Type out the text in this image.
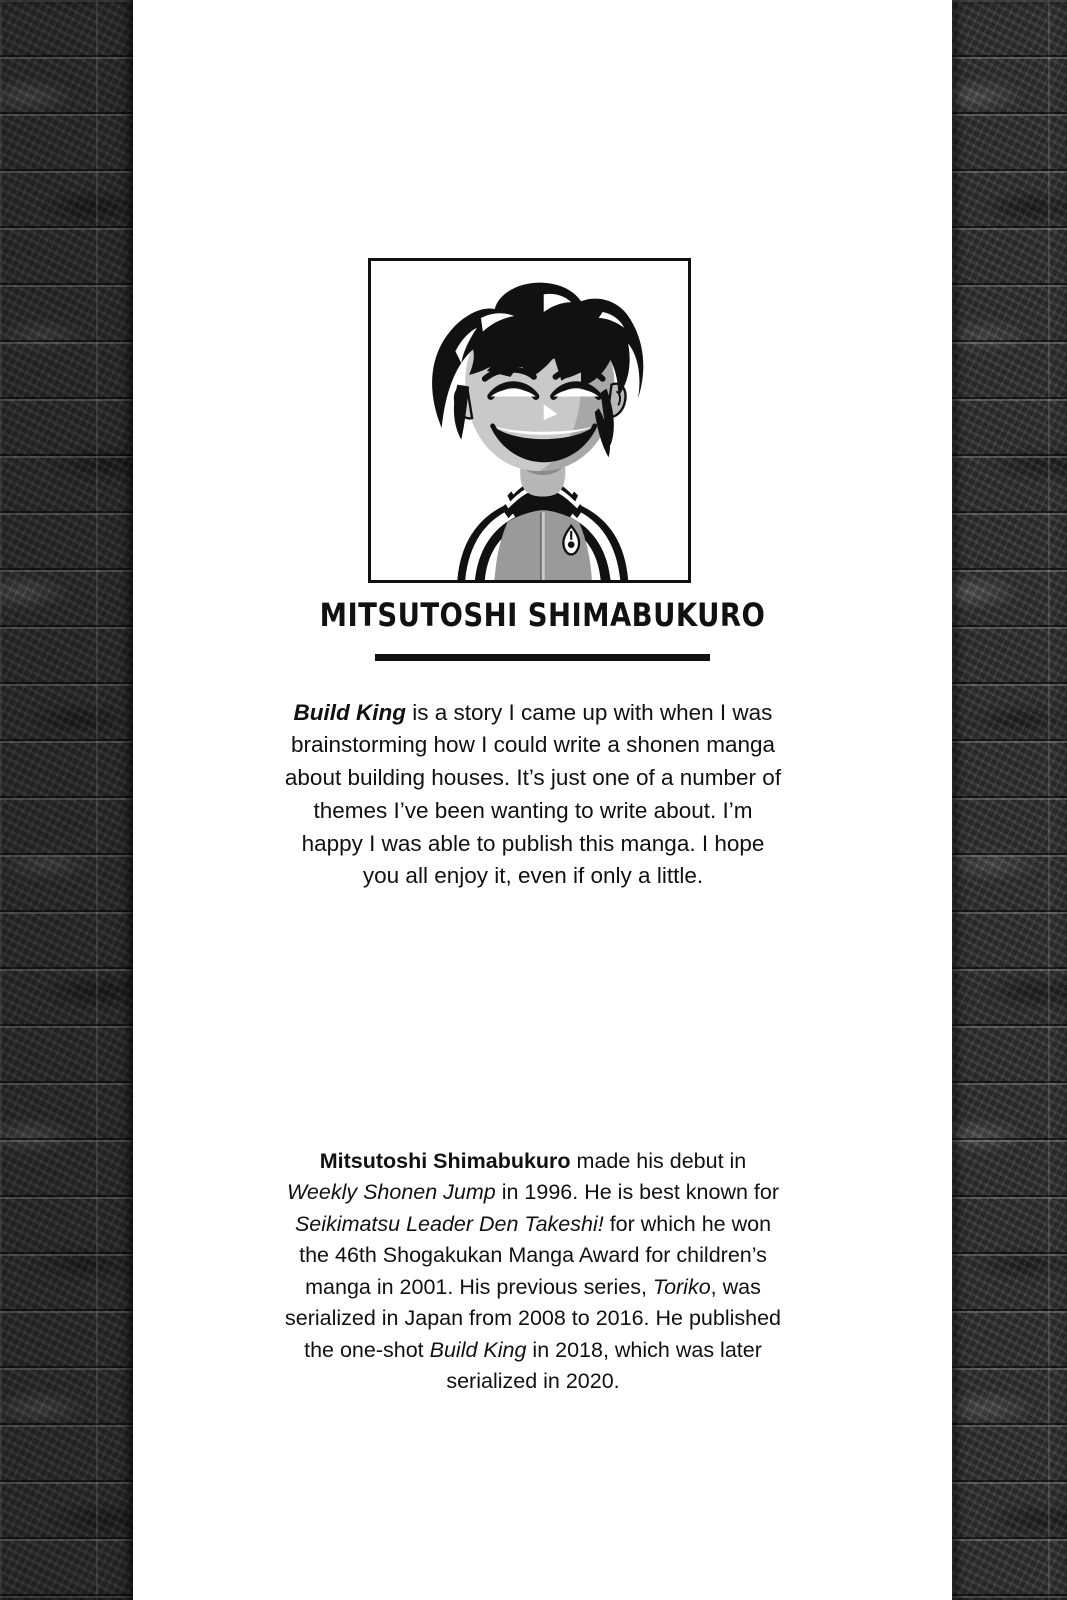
MITSUTOSHI SHIMABUKURO

Build King is a story I came up with when I was brainstorming how I could write a shonen manga about building houses. It’s just one of a number of themes I’ve been wanting to write about. I’m happy I was able to publish this manga. I hope you all enjoy it, even if only a little.

Mitsutoshi Shimabukuro made his debut in Weekly Shonen Jump in 1996. He is best known for Seikimatsu Leader Den Takeshi! for which he won the 46th Shogakukan Manga Award for children’s manga in 2001. His previous series, Toriko, was serialized in Japan from 2008 to 2016. He published the one-shot Build King in 2018, which was later serialized in 2020.
